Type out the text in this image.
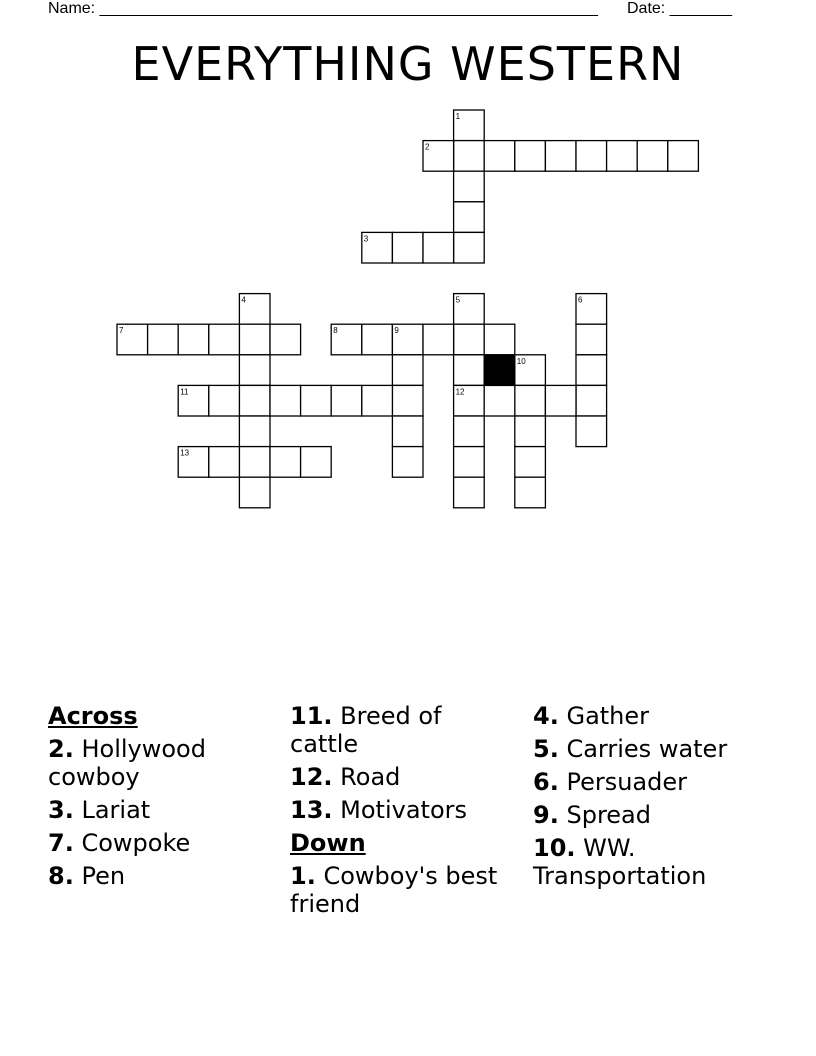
Name: ________________________________________________________ Date: _______
EVERYTHING WESTERN
1
2
3
4	5	6
7	8	9
10
11	12
13
Across
2. Hollywood cowboy
3. Lariat
7. Cowpoke
8. Pen
11. Breed of cattle
12. Road
13. Motivators
Down
1. Cowboy's best friend
4. Gather
5. Carries water
6. Persuader
9. Spread
10. WW. Transportation
